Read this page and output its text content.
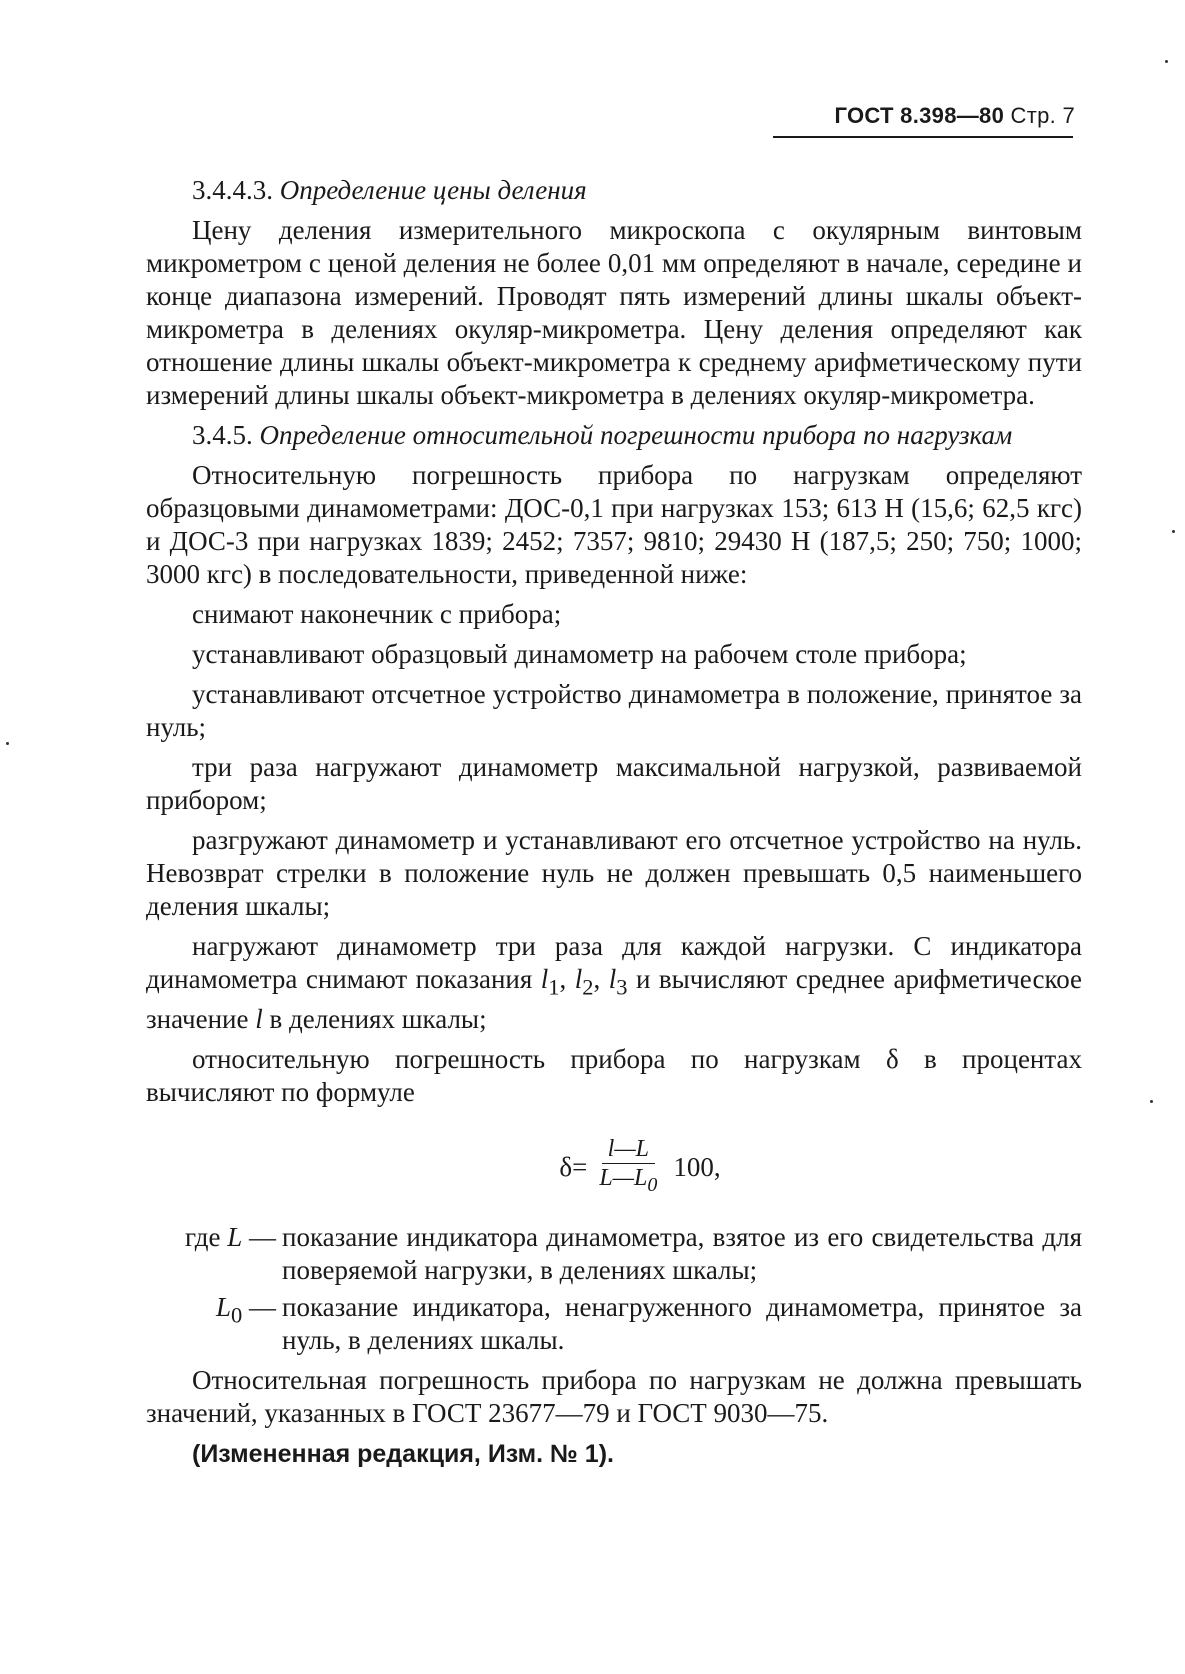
ГОСТ 8.398—80 Стр. 7

3.4.4.3. Определение цены деления

Цену деления измерительного микроскопа с окулярным винтовым микрометром с ценой деления не более 0,01 мм определяют в начале, середине и конце диапазона измерений. Проводят пять измерений длины шкалы объект-микрометра в делениях окуляр-микрометра. Цену деления определяют как отношение длины шкалы объект-микрометра к среднему арифметическому пути измерений длины шкалы объект-микрометра в делениях окуляр-микрометра.

3.4.5. Определение относительной погрешности прибора по нагрузкам

Относительную погрешность прибора по нагрузкам определяют образцовыми динамометрами: ДОС-0,1 при нагрузках 153; 613 Н (15,6; 62,5 кгс) и ДОС-3 при нагрузках 1839; 2452; 7357; 9810; 29430 Н (187,5; 250; 750; 1000; 3000 кгс) в последовательности, приведенной ниже:

снимают наконечник с прибора;

устанавливают образцовый динамометр на рабочем столе прибора;

устанавливают отсчетное устройство динамометра в положение, принятое за нуль;

три раза нагружают динамометр максимальной нагрузкой, развиваемой прибором;

разгружают динамометр и устанавливают его отсчетное устройство на нуль. Невозврат стрелки в положение нуль не должен превышать 0,5 наименьшего деления шкалы;

нагружают динамометр три раза для каждой нагрузки. С индикатора динамометра снимают показания $l_1$, $l_2$, $l_3$ и вычисляют среднее арифметическое значение l в делениях шкалы;

относительную погрешность прибора по нагрузкам δ в процентах вычисляют по формуле

$\delta = \frac{l—L}{L—L_0} 100$,
где L — показание индикатора динамометра, взятое из его свидетельства для поверяемой нагрузки, в делениях шкалы;
$L_0$ — показание индикатора, ненагруженного динамометра, принятое за нуль, в делениях шкалы.

Относительная погрешность прибора по нагрузкам не должна превышать значений, указанных в ГОСТ 23677—79 и ГОСТ 9030—75.

(Измененная редакция, Изм. № 1).
